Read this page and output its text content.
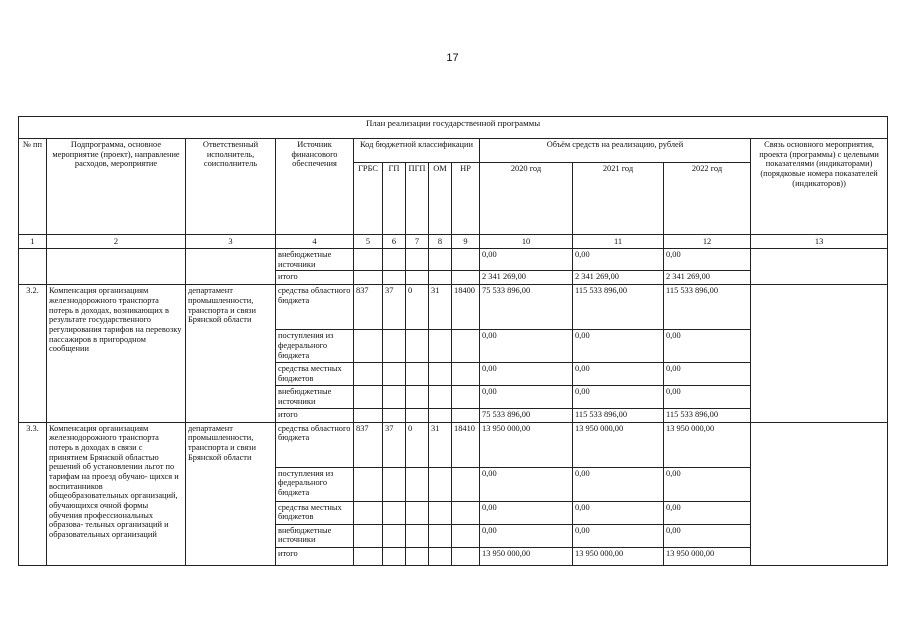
17
План реализации государственной программы												
№ пп	Подпрограмма, основное мероприятие (проект), направление расходов, мероприятие	Ответственный исполнитель, соисполнитель	Источник финансового обеспечения	Код бюджетной классификации					Объём средств на реализацию, рублей			Связь основного мероприятия, проекта (программы) с целевыми показателями (индикаторами) (порядковые номера показателей (индикаторов))
				ГРБС	ГП	ПГП	ОМ	НР	2020 год	2021 год	2022 год	
1	2	3	4	5	6	7	8	9	10	11	12	13
			внебюджетные источники						0,00	0,00	0,00	
			итого						2 341 269,00	2 341 269,00	2 341 269,00	
3.2.	Компенсация организациям железнодорожного транспорта потерь в доходах, возникающих в результате государственного регулирования тарифов на перевозку пассажиров в пригородном сообщении	департамент промышленности, транспорта и связи Брянской области	средства областного бюджета	837	37	0	31	18400	75 533 896,00	115 533 896,00	115 533 896,00	
			поступления из федерального бюджета						0,00	0,00	0,00	
			средства местных бюджетов						0,00	0,00	0,00	
			внебюджетные источники						0,00	0,00	0,00	
			итого						75 533 896,00	115 533 896,00	115 533 896,00	
3.3.	Компенсация организациям железнодорожного транспорта потерь в доходах в связи с принятием Брянской областью решений об установлении льгот по тарифам на проезд обучаю- щихся и воспитанников общеобразовательных организаций, обучающихся очной формы обучения профессиональных образова- тельных организаций и образовательных организаций	департамент промышленности, транспорта и связи Брянской области	средства областного бюджета	837	37	0	31	18410	13 950 000,00	13 950 000,00	13 950 000,00	
			поступления из федерального бюджета						0,00	0,00	0,00	
			средства местных бюджетов						0,00	0,00	0,00	
			внебюджетные источники						0,00	0,00	0,00	
			итого						13 950 000,00	13 950 000,00	13 950 000,00	
